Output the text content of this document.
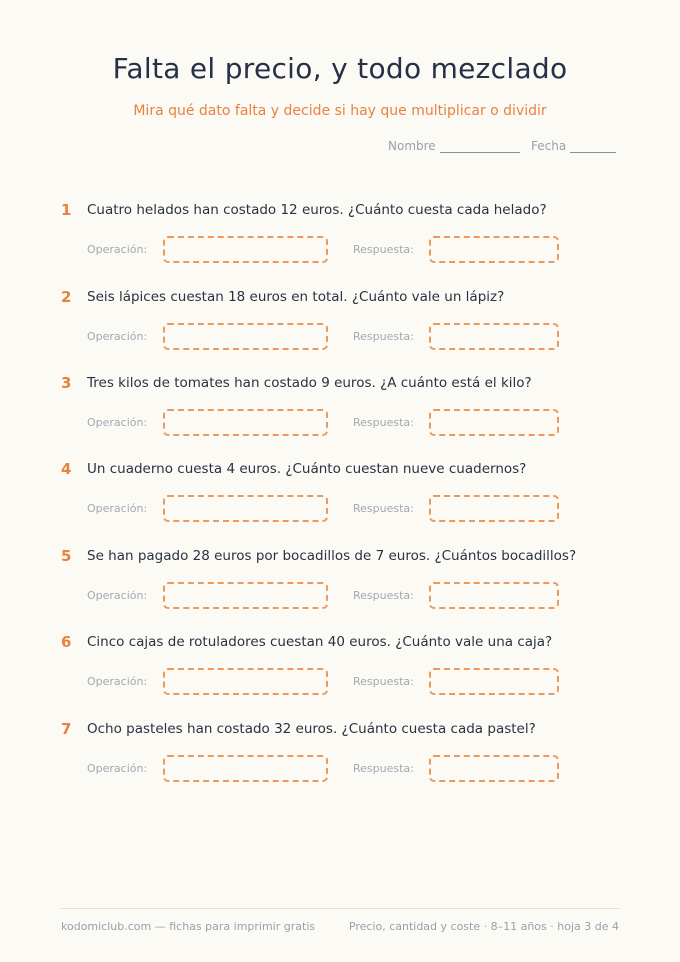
Falta el precio, y todo mezclado
Mira qué dato falta y decide si hay que multiplicar o dividir
Nombre	Fecha
1 Cuatro helados han costado 12 euros. ¿Cuánto cuesta cada helado?
Operación:	Respuesta:
2 Seis lápices cuestan 18 euros en total. ¿Cuánto vale un lápiz?
Operación:	Respuesta:
3 Tres kilos de tomates han costado 9 euros. ¿A cuánto está el kilo?
Operación:	Respuesta:
4 Un cuaderno cuesta 4 euros. ¿Cuánto cuestan nueve cuadernos?
Operación:	Respuesta:
5 Se han pagado 28 euros por bocadillos de 7 euros. ¿Cuántos bocadillos?
Operación:	Respuesta:
6 Cinco cajas de rotuladores cuestan 40 euros. ¿Cuánto vale una caja?
Operación:	Respuesta:
7 Ocho pasteles han costado 32 euros. ¿Cuánto cuesta cada pastel?
Operación:	Respuesta:
kodomiclub.com — fichas para imprimir gratis	Precio, cantidad y coste · 8–11 años · hoja 3 de 4
